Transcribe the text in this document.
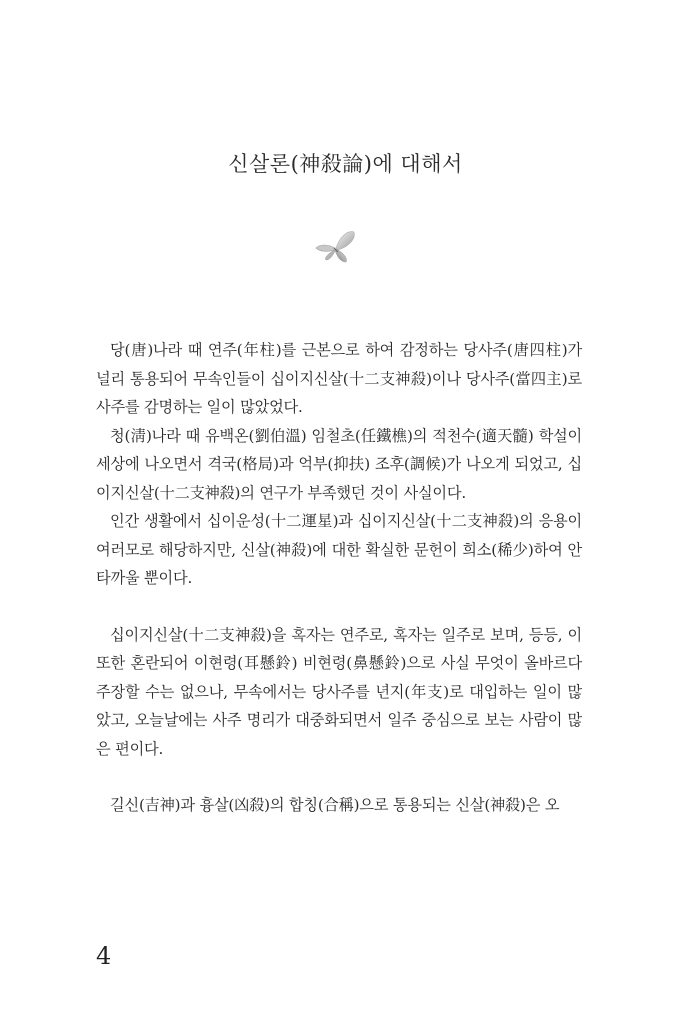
신살론(神殺論)에 대해서

당(唐)나라 때 연주(年柱)를 근본으로 하여 감정하는 당사주(唐四柱)가 널리 통용되어 무속인들이 십이지신살(十二支神殺)이나 당사주(當四主)로 사주를 감명하는 일이 많았었다.

청(淸)나라 때 유백온(劉伯溫) 임철초(任鐵樵)의 적천수(適天髓) 학설이 세상에 나오면서 격국(格局)과 억부(抑扶) 조후(調候)가 나오게 되었고, 십이지신살(十二支神殺)의 연구가 부족했던 것이 사실이다.

인간 생활에서 십이운성(十二運星)과 십이지신살(十二支神殺)의 응용이 여러모로 해당하지만, 신살(神殺)에 대한 확실한 문헌이 희소(稀少)하여 안타까울 뿐이다.

십이지신살(十二支神殺)을 혹자는 연주로, 혹자는 일주로 보며, 등등, 이 또한 혼란되어 이현령(耳懸鈴) 비현령(鼻懸鈴)으로 사실 무엇이 올바르다 주장할 수는 없으나, 무속에서는 당사주를 년지(年支)로 대입하는 일이 많았고, 오늘날에는 사주 명리가 대중화되면서 일주 중심으로 보는 사람이 많은 편이다.

길신(吉神)과 흉살(凶殺)의 합칭(合稱)으로 통용되는 신살(神殺)은 오

4
